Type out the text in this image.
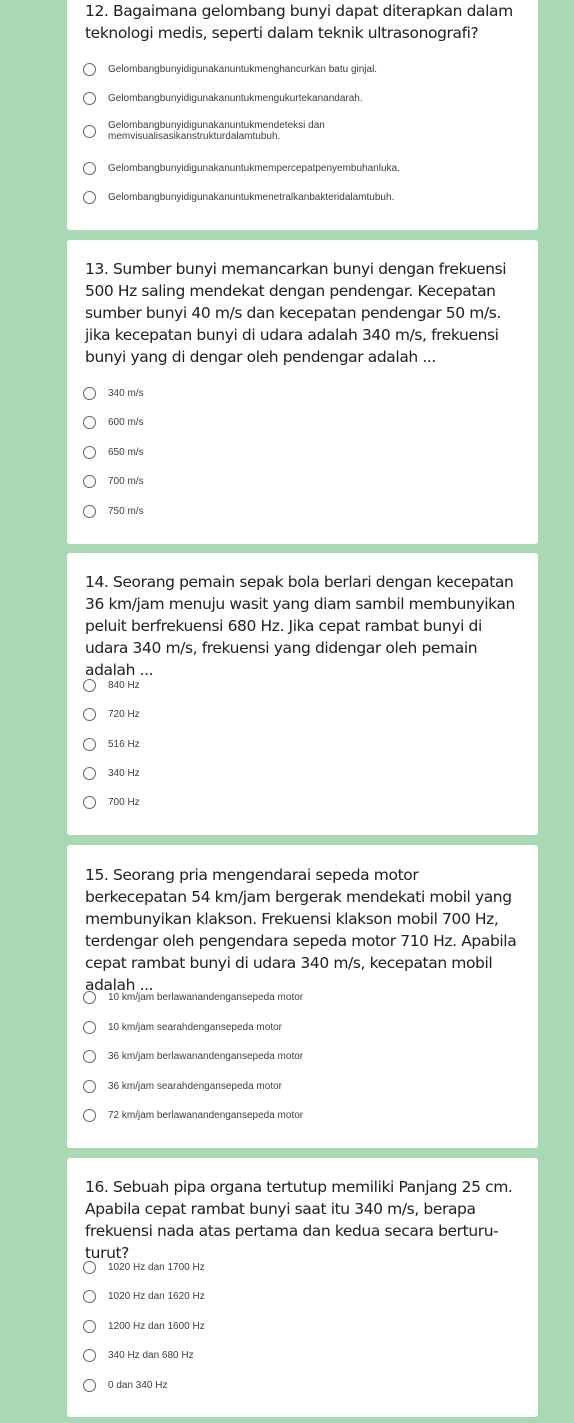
12. Bagaimana gelombang bunyi dapat diterapkan dalam teknologi medis, seperti dalam teknik ultrasonografi?
Gelombangbunyidigunakanuntukmenghancurkan batu ginjal.
Gelombangbunyidigunakanuntukmengukurtekanandarah.
Gelombangbunyidigunakanuntukmendeteksi dan memvisualisasikanstrukturdalamtubuh.
Gelombangbunyidigunakanuntukmempercepatpenyembuhanluka.
Gelombangbunyidigunakanuntukmenetralkanbakteridalamtubuh.
13. Sumber bunyi memancarkan bunyi dengan frekuensi 500 Hz saling mendekat dengan pendengar. Kecepatan sumber bunyi 40 m/s dan kecepatan pendengar 50 m/s. jika kecepatan bunyi di udara adalah 340 m/s, frekuensi bunyi yang di dengar oleh pendengar adalah ...
340 m/s
600 m/s
650 m/s
700 m/s
750 m/s
14. Seorang pemain sepak bola berlari dengan kecepatan 36 km/jam menuju wasit yang diam sambil membunyikan peluit berfrekuensi 680 Hz. Jika cepat rambat bunyi di udara 340 m/s, frekuensi yang didengar oleh pemain adalah ...
840 Hz
720 Hz
516 Hz
340 Hz
700 Hz
15. Seorang pria mengendarai sepeda motor berkecepatan 54 km/jam bergerak mendekati mobil yang membunyikan klakson. Frekuensi klakson mobil 700 Hz, terdengar oleh pengendara sepeda motor 710 Hz. Apabila cepat rambat bunyi di udara 340 m/s, kecepatan mobil adalah ...
10 km/jam berlawanandengansepeda motor
10 km/jam searahdengansepeda motor
36 km/jam berlawanandengansepeda motor
36 km/jam searahdengansepeda motor
72 km/jam berlawanandengansepeda motor
16. Sebuah pipa organa tertutup memiliki Panjang 25 cm. Apabila cepat rambat bunyi saat itu 340 m/s, berapa frekuensi nada atas pertama dan kedua secara berturu-turut?
1020 Hz dan 1700 Hz
1020 Hz dan 1620 Hz
1200 Hz dan 1600 Hz
340 Hz dan 680 Hz
0 dan 340 Hz
